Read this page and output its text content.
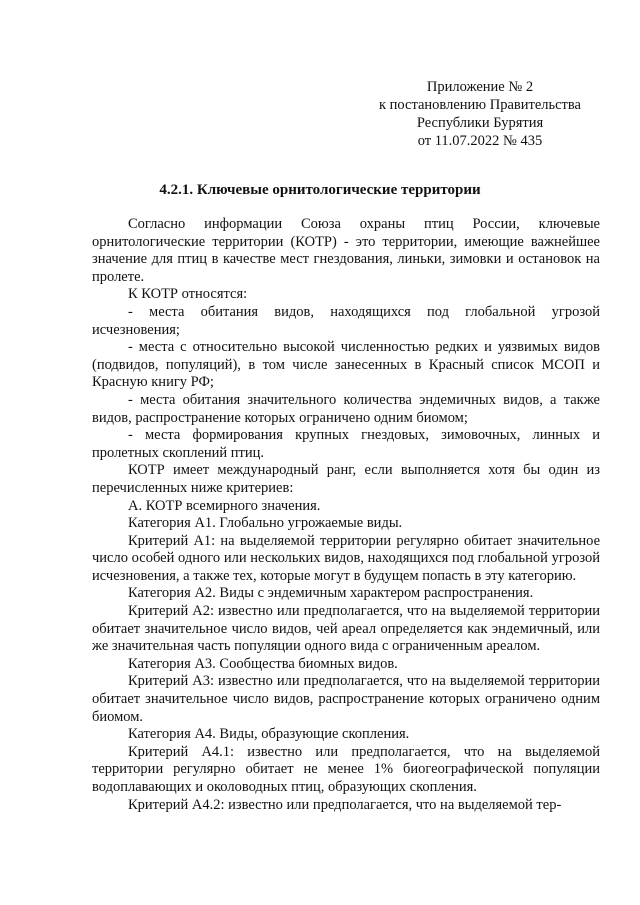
Приложение № 2
к постановлению Правительства
Республики Бурятия
от 11.07.2022 № 435
4.2.1. Ключевые орнитологические территории

Согласно информации Союза охраны птиц России, ключевые орнитологические территории (КОТР) - это территории, имеющие важнейшее значение для птиц в качестве мест гнездования, линьки, зимовки и остановок на пролете.

К КОТР относятся:

- места обитания видов, находящихся под глобальной угрозой исчезновения;

- места с относительно высокой численностью редких и уязвимых видов (подвидов, популяций), в том числе занесенных в Красный список МСОП и Красную книгу РФ;

- места обитания значительного количества эндемичных видов, а также видов, распространение которых ограничено одним биомом;

- места формирования крупных гнездовых, зимовочных, линных и пролетных скоплений птиц.

КОТР имеет международный ранг, если выполняется хотя бы один из перечисленных ниже критериев:

А. КОТР всемирного значения.

Категория А1. Глобально угрожаемые виды.

Критерий А1: на выделяемой территории регулярно обитает значительное число особей одного или нескольких видов, находящихся под глобальной угрозой исчезновения, а также тех, которые могут в будущем попасть в эту категорию.

Категория А2. Виды с эндемичным характером распространения.

Критерий А2: известно или предполагается, что на выделяемой территории обитает значительное число видов, чей ареал определяется как эндемичный, или же значительная часть популяции одного вида с ограниченным ареалом.

Категория А3. Сообщества биомных видов.

Критерий А3: известно или предполагается, что на выделяемой территории обитает значительное число видов, распространение которых ограничено одним биомом.

Категория А4. Виды, образующие скопления.

Критерий А4.1: известно или предполагается, что на выделяемой территории регулярно обитает не менее 1% биогеографической популяции водоплавающих и околоводных птиц, образующих скопления.

Критерий А4.2: известно или предполагается, что на выделяемой тер-
